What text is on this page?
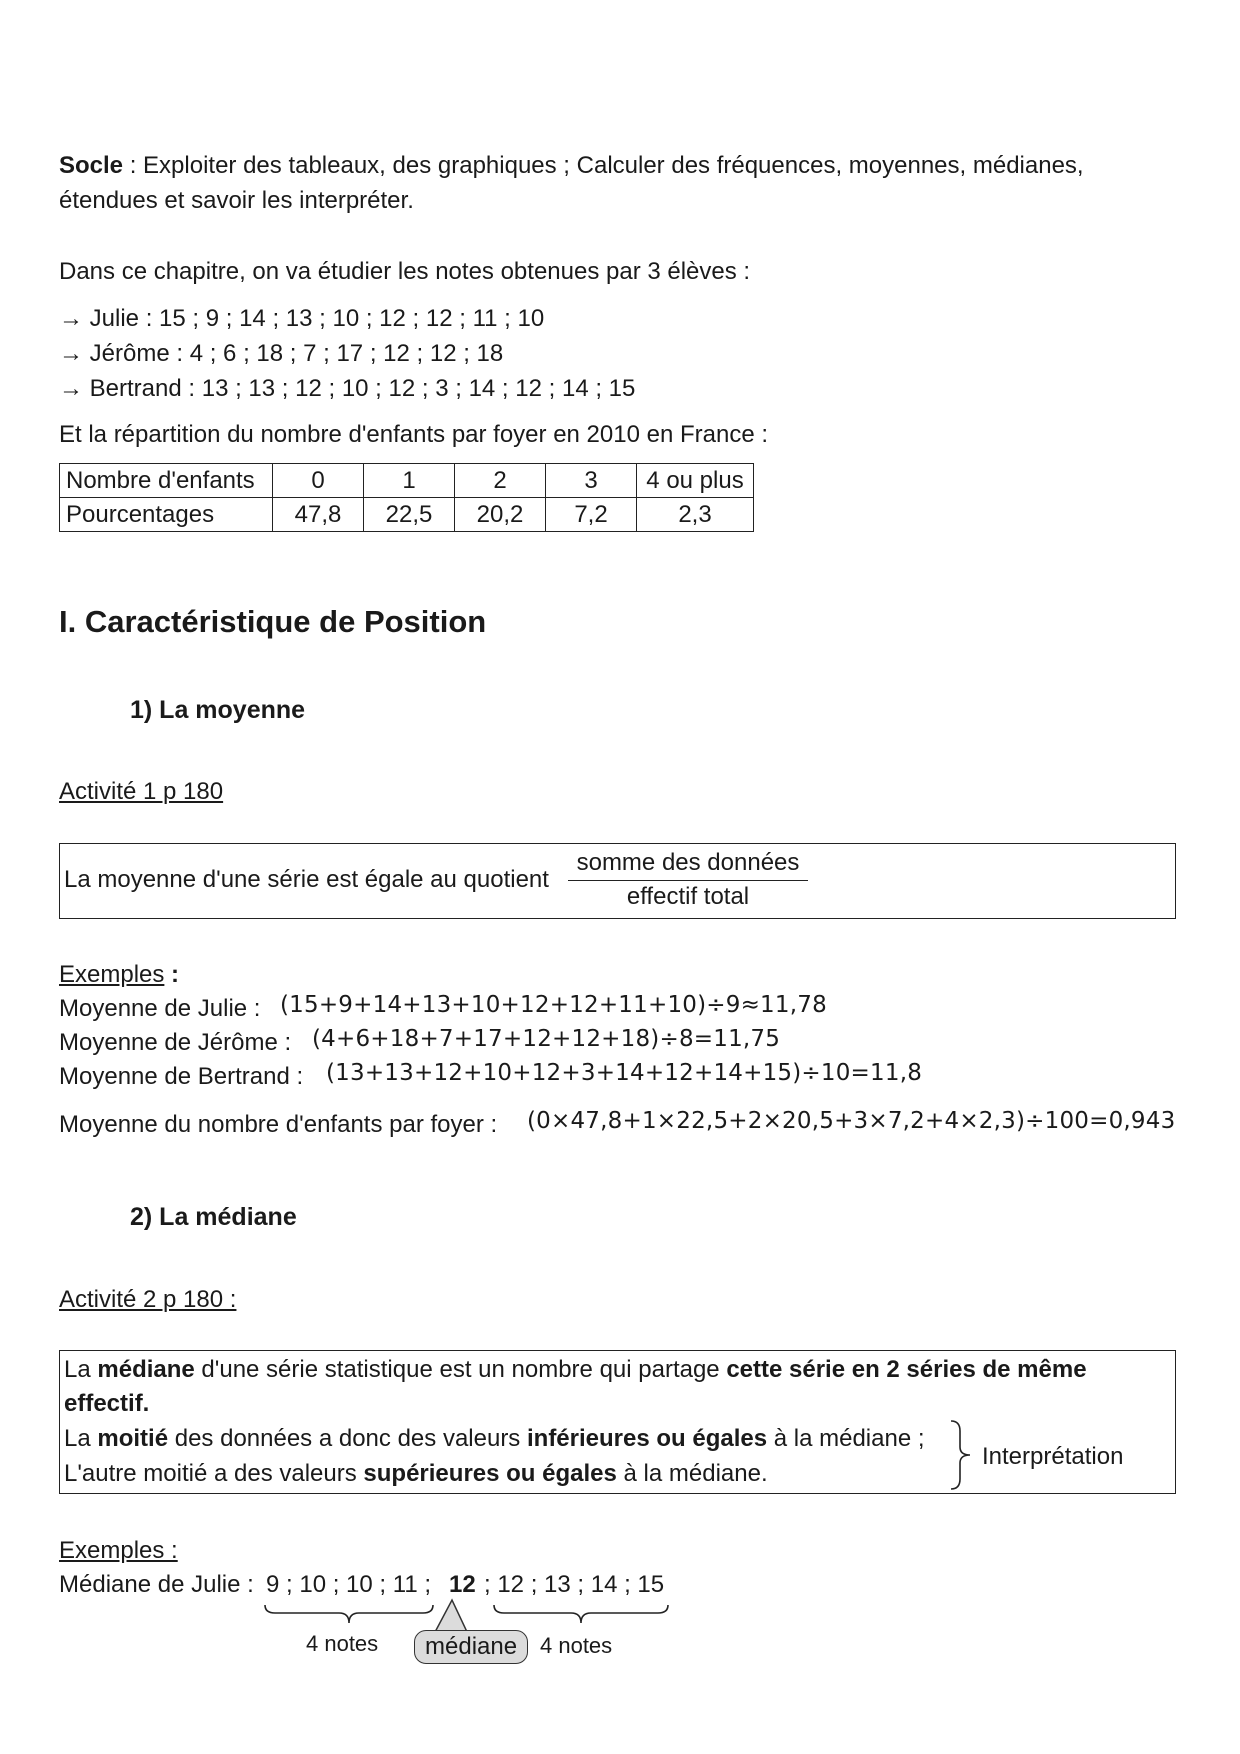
Socle : Exploiter des tableaux, des graphiques ; Calculer des fréquences, moyennes, médianes,
étendues et savoir les interpréter.
Dans ce chapitre, on va étudier les notes obtenues par 3 élèves :
→ Julie : 15 ; 9 ; 14 ; 13 ; 10 ; 12 ; 12 ; 11 ; 10
→ Jérôme : 4 ; 6 ; 18 ; 7 ; 17 ; 12 ; 12 ; 18
→ Bertrand : 13 ; 13 ; 12 ; 10 ; 12 ; 3 ; 14 ; 12 ; 14 ; 15
Et la répartition du nombre d'enfants par foyer en 2010 en France :
Nombre d'enfants	0	1	2	3	4 ou plus
Pourcentages	47,8	22,5	20,2	7,2	2,3
I. Caractéristique de Position
1) La moyenne
Activité 1 p 180
La moyenne d'une série est égale au quotient
somme des données
effectif total
Exemples :
Moyenne de Julie : (15+9+14+13+10+12+12+11+10)÷9≈11,78
Moyenne de Jérôme : (4+6+18+7+17+12+12+18)÷8=11,75
Moyenne de Bertrand : (13+13+12+10+12+3+14+12+14+15)÷10=11,8
Moyenne du nombre d'enfants par foyer : (0×47,8+1×22,5+2×20,5+3×7,2+4×2,3)÷100=0,943
2) La médiane
Activité 2 p 180 :
La médiane d'une série statistique est un nombre qui partage cette série en 2 séries de même
effectif.
La moitié des données a donc des valeurs inférieures ou égales à la médiane ;
L'autre moitié a des valeurs supérieures ou égales à la médiane.
Interprétation
Exemples :
Médiane de Julie : 9 ; 10 ; 10 ; 11 ; 12 ; 12 ; 13 ; 14 ; 15
4 notes	4 notes
médiane
